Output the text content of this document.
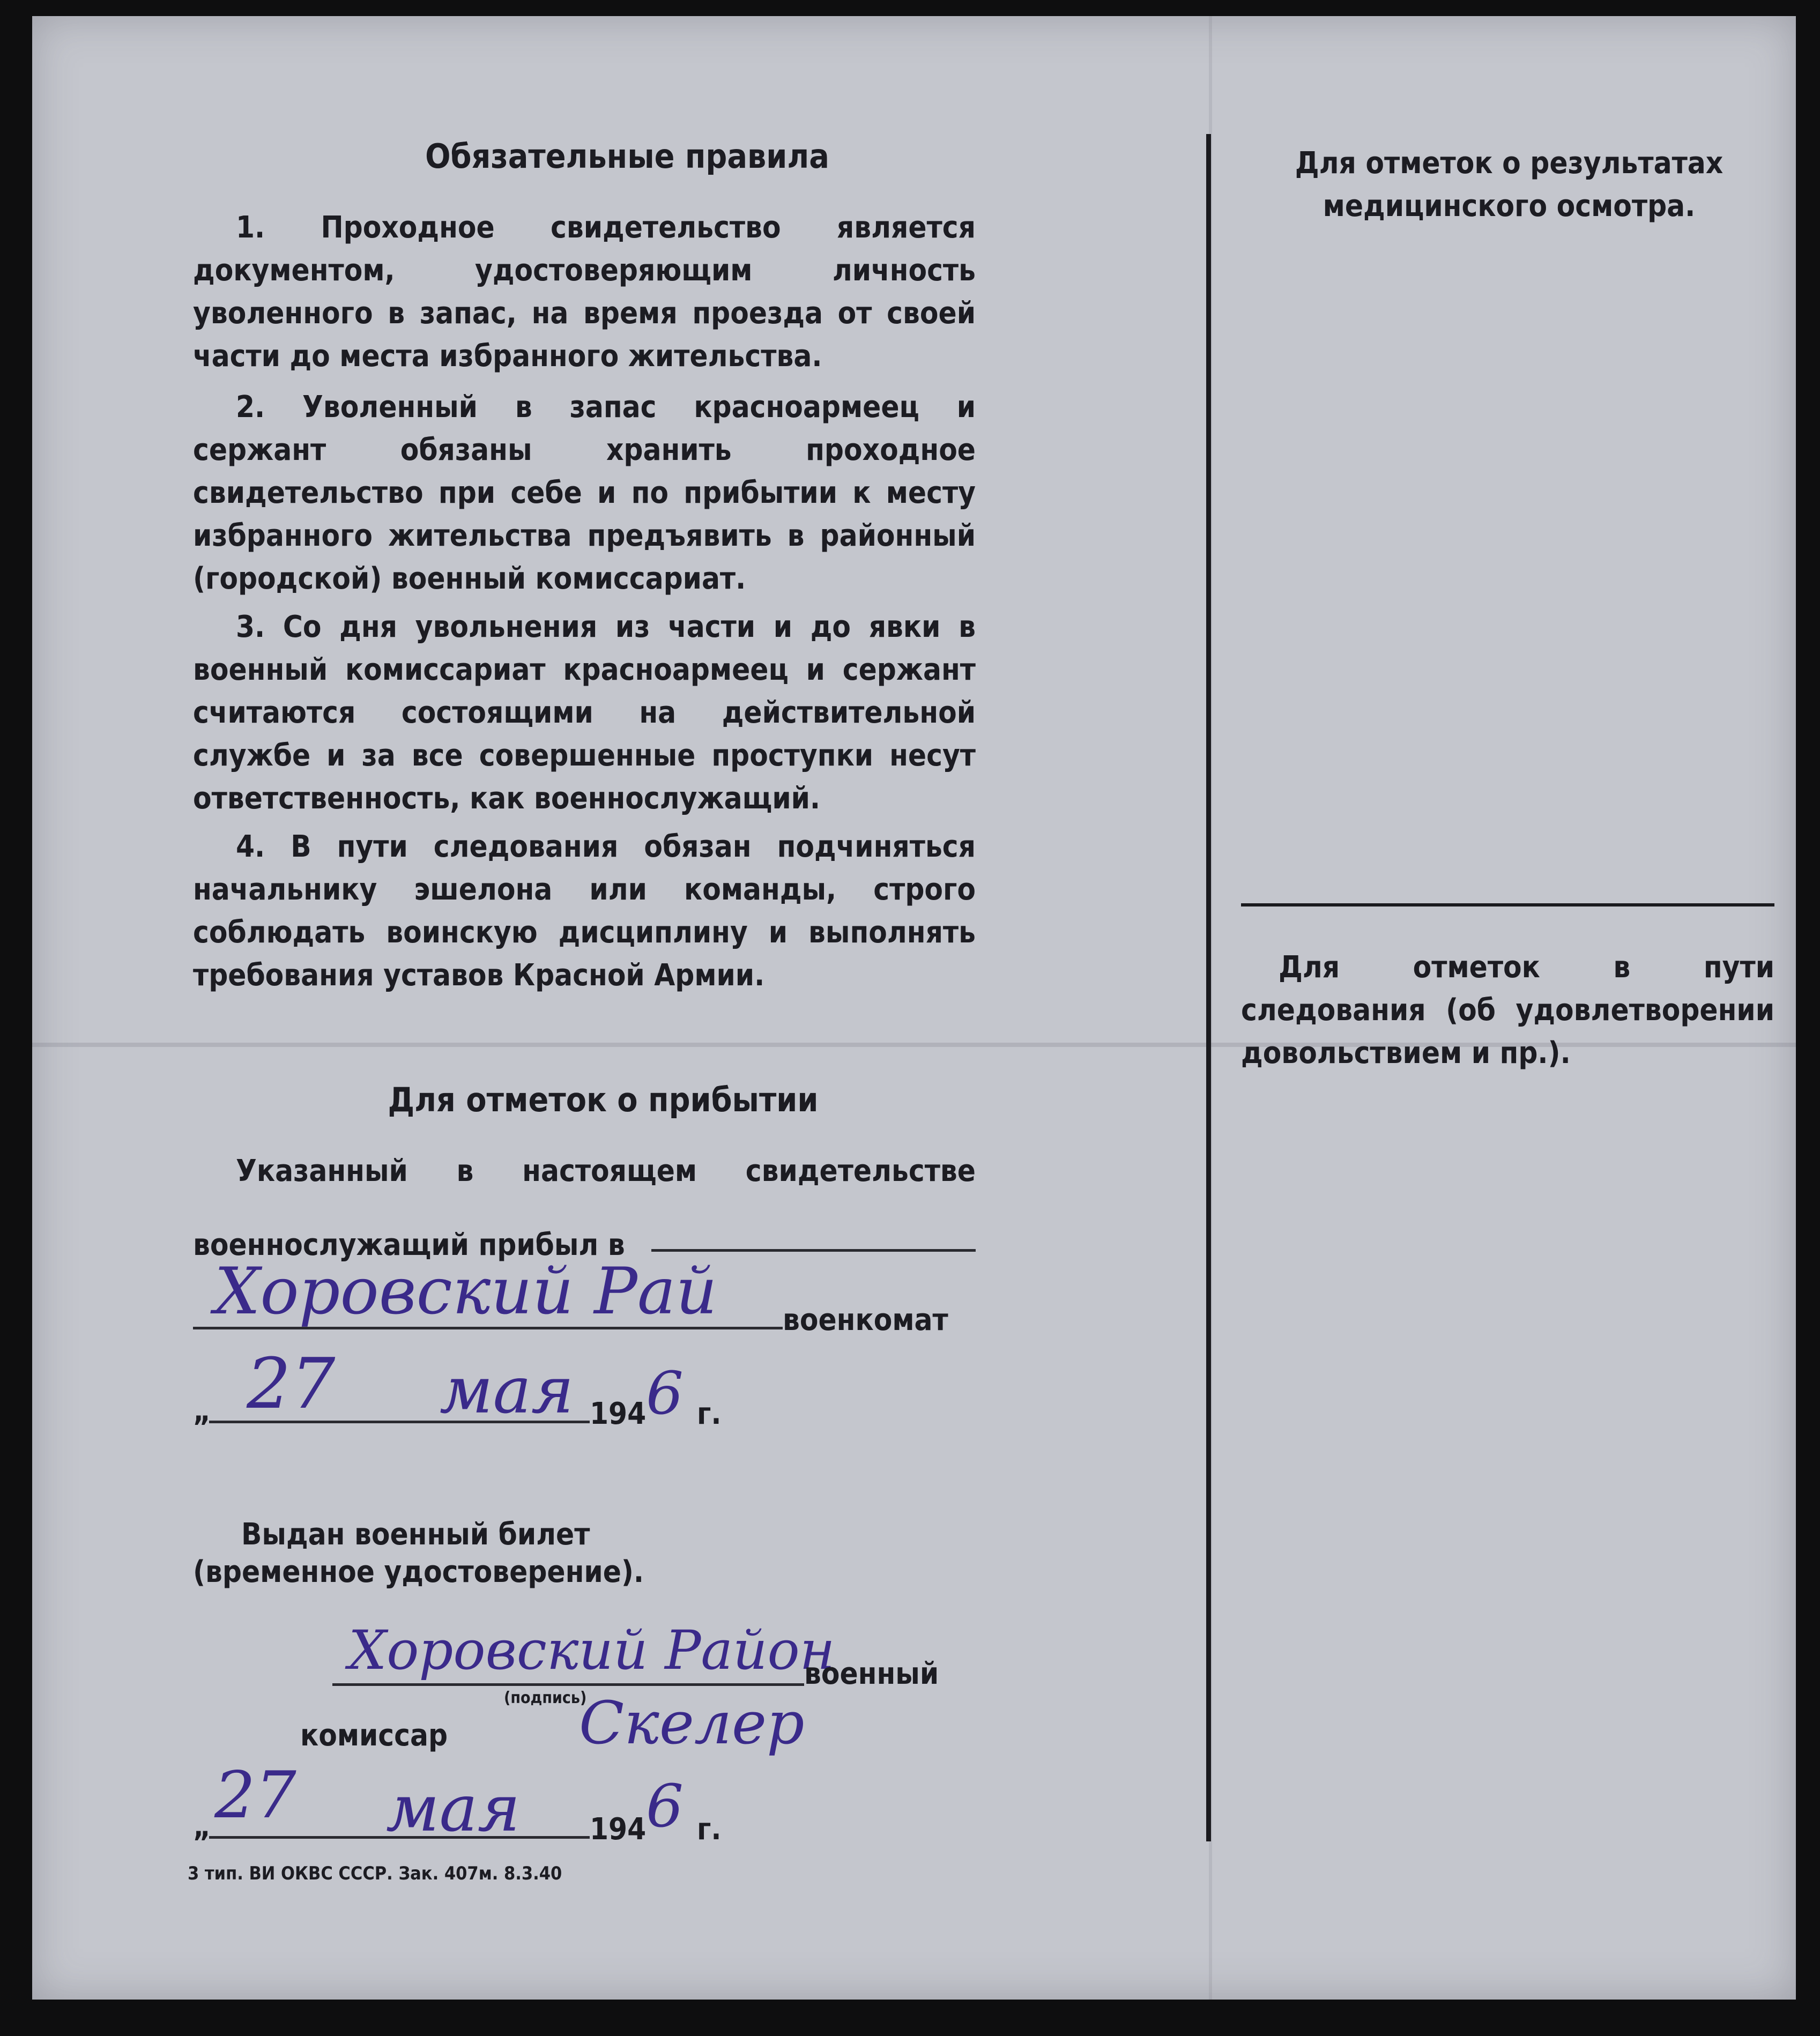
Обязательные правила
1. Проходное свидетельство является документом, удостоверяющим личность уволенного в запас, на время проезда от своей части до места избранного жительства.
2. Уволенный в запас красноармеец и сержант обязаны хранить проходное свидетельство при себе и по прибытии к месту избранного жительства предъявить в районный (городской) военный комиссариат.
3. Со дня увольнения из части и до явки в военный комиссариат красноармеец и сержант считаются состоящими на действительной службе и за все совершенные проступки несут ответственность, как военнослужащий.
4. В пути следования обязан подчиняться начальнику эшелона или команды, строго соблюдать воинскую дисциплину и выполнять требования уставов Красной Армии.
Для отметок о прибытии
Указанный в настоящем свидетельстве
военнослужащий прибыл в
Хоровский Рай военкомат
„ 27 мая 194 6 г.
Выдан военный билет
(временное удостоверение).
Хоровский Район
военный
(подпись)
комиссар Скелер
„ 27 мая 194 6 г.
3 тип. ВИ ОКВС СССР. Зак. 407м. 8.3.40
Для отметок о результатах медицинского осмотра.
Для отметок в пути следования (об удовлетворении довольствием и пр.).
